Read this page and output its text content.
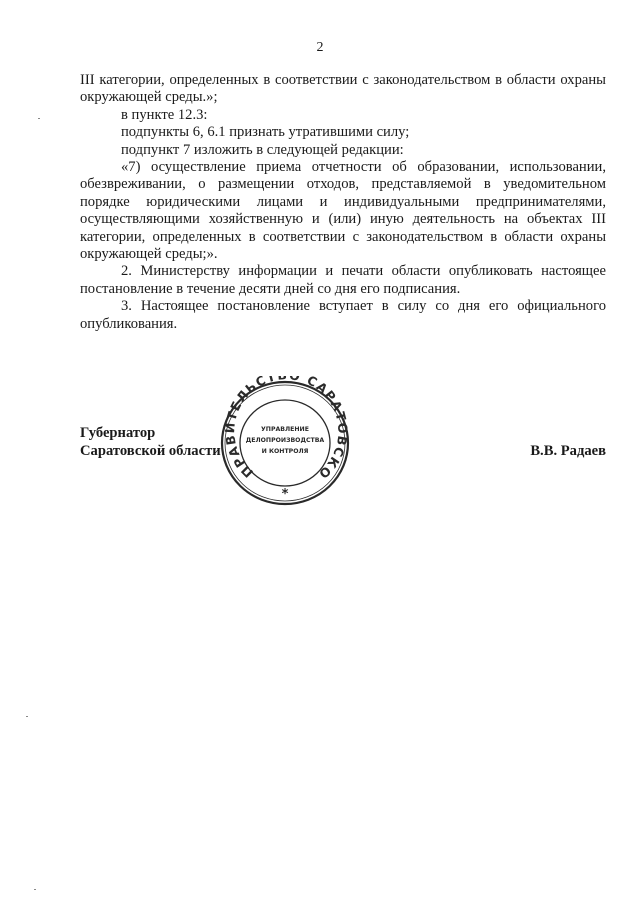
2

III категории, определенных в соответствии с законодательством в области охраны окружающей среды.»;

в пункте 12.3:

подпункты 6, 6.1 признать утратившими силу;

подпункт 7 изложить в следующей редакции:

«7) осуществление приема отчетности об образовании, использовании, обезвреживании, о размещении отходов, представляемой в уведомительном порядке юридическими лицами и индивидуальными предпринимателями, осуществляющими хозяйственную и (или) иную деятельность на объектах III категории, определенных в соответствии с законодательством в области охраны окружающей среды;».

2. Министерству информации и печати области опубликовать настоящее постановление в течение десяти дней со дня его подписания.

3. Настоящее постановление вступает в силу со дня его официального опубликования.

Губернатор
Саратовской области	В.В. Радаев
ПРАВИТЕЛЬСТ САРАТОВСКО
УПРАВЛЕНИЕ
ДЕЛОПРОИЗВОДСТВА
И КОНТРОЛЯ
*
